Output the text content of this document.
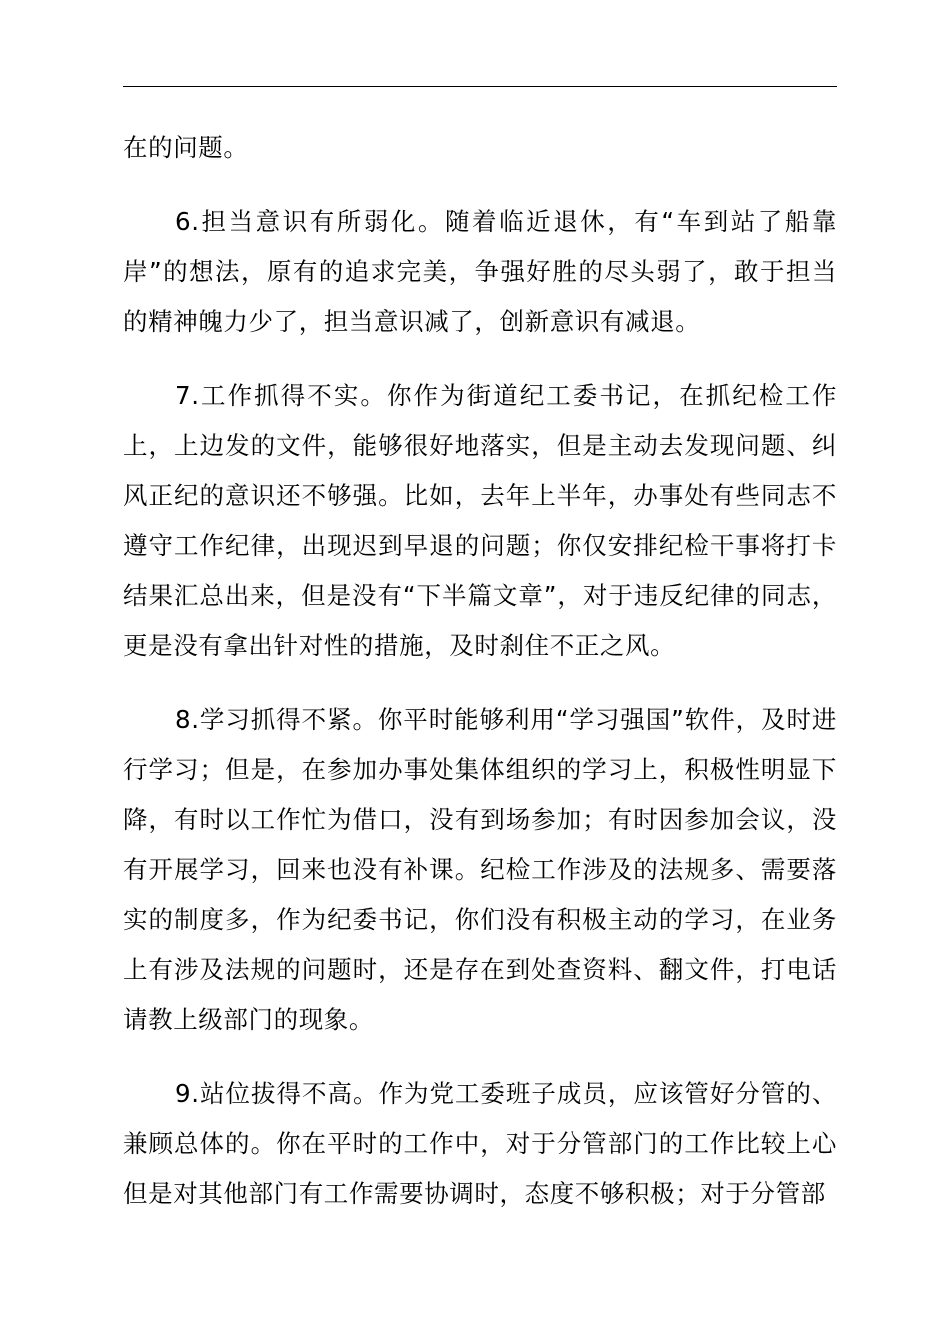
在的问题。

6.担当意识有所弱化。随着临近退休，有“车到站了船靠岸”的想法，原有的追求完美，争强好胜的尽头弱了，敢于担当的精神魄力少了，担当意识减了，创新意识有减退。

7.工作抓得不实。你作为街道纪工委书记，在抓纪检工作上，上边发的文件，能够很好地落实，但是主动去发现问题、纠风正纪的意识还不够强。比如，去年上半年，办事处有些同志不遵守工作纪律，出现迟到早退的问题；你仅安排纪检干事将打卡结果汇总出来，但是没有“下半篇文章”，对于违反纪律的同志，更是没有拿出针对性的措施，及时刹住不正之风。

8.学习抓得不紧。你平时能够利用“学习强国”软件，及时进行学习；但是，在参加办事处集体组织的学习上，积极性明显下降，有时以工作忙为借口，没有到场参加；有时因参加会议，没有开展学习，回来也没有补课。纪检工作涉及的法规多、需要落实的制度多，作为纪委书记，你们没有积极主动的学习，在业务上有涉及法规的问题时，还是存在到处查资料、翻文件，打电话请教上级部门的现象。

9.站位拔得不高。作为党工委班子成员，应该管好分管的、兼顾总体的。你在平时的工作中，对于分管部门的工作比较上心但是对其他部门有工作需要协调时，态度不够积极；对于分管部
